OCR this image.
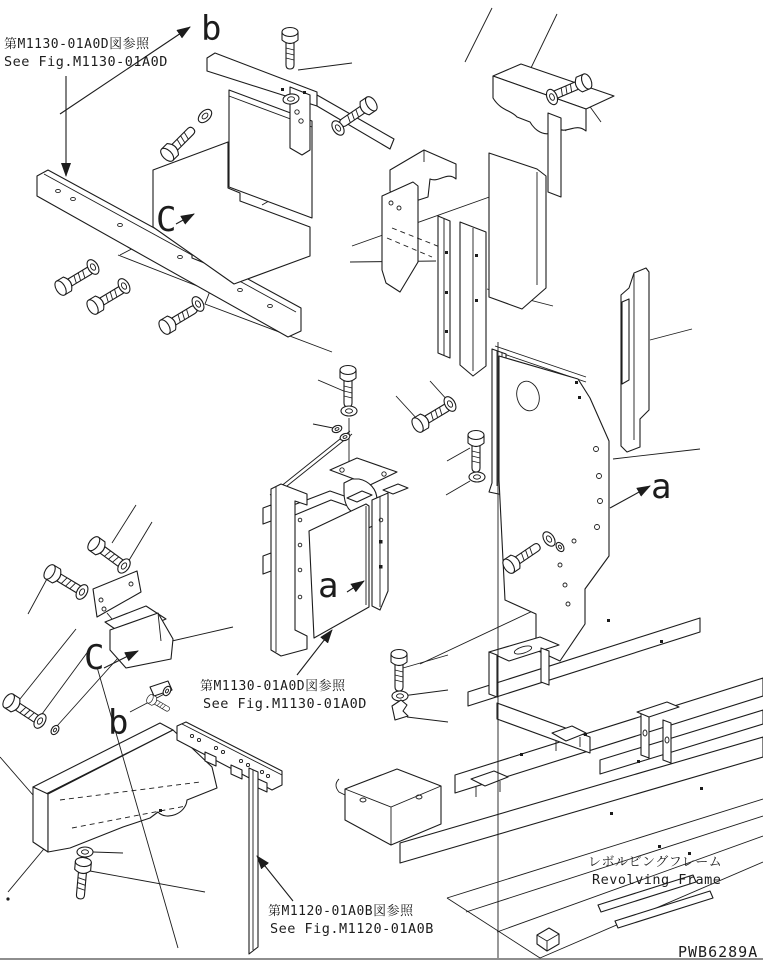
第M1130-01A0D図参照
See Fig.M1130-01A0D
第M1130-01A0D図参照
See Fig.M1130-01A0D
第M1120-01A0B図参照
See Fig.M1120-01A0B
レボルビングフレーム
Revolving Frame
PWB6289A
b
C
a
a
C
b
